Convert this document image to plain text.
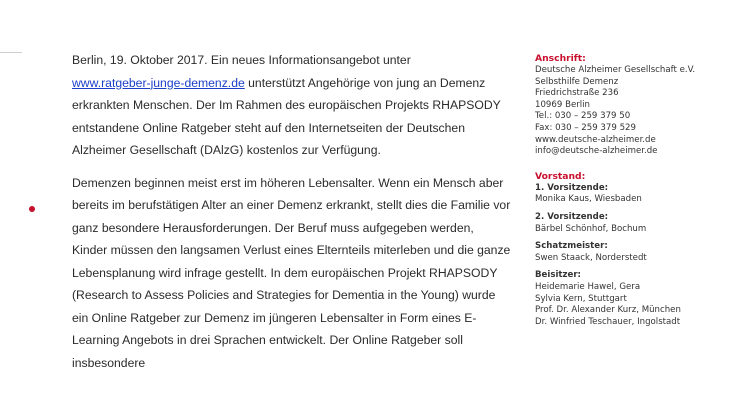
Berlin, 19. Oktober 2017. Ein neues Informationsangebot unter
www.ratgeber-junge-demenz.de unterstützt Angehörige von jung an Demenz erkrankten Menschen. Der Im Rahmen des europäischen Projekts RHAPSODY entstandene Online Ratgeber steht auf den Internetseiten der Deutschen Alzheimer Gesellschaft (DAlzG) kostenlos zur Verfügung.

Demenzen beginnen meist erst im höheren Lebensalter. Wenn ein Mensch aber bereits im berufstätigen Alter an einer Demenz erkrankt, stellt dies die Familie vor ganz besondere Herausforderungen. Der Beruf muss aufgegeben werden, Kinder müssen den langsamen Verlust eines Elternteils miterleben und die ganze Lebensplanung wird infrage gestellt. In dem europäischen Projekt RHAPSODY (Research to Assess Policies and Strategies for Dementia in the Young) wurde ein Online Ratgeber zur Demenz im jüngeren Lebensalter in Form eines E-Learning Angebots in drei Sprachen entwickelt. Der Online Ratgeber soll insbesondere

Anschrift:
Deutsche Alzheimer Gesellschaft e.V.
Selbsthilfe Demenz
Friedrichstraße 236
10969 Berlin
Tel.: 030 – 259 379 50
Fax: 030 – 259 379 529
www.deutsche-alzheimer.de
info@deutsche-alzheimer.de
Vorstand:
1. Vorsitzende:
Monika Kaus, Wiesbaden
2. Vorsitzende:
Bärbel Schönhof, Bochum
Schatzmeister:
Swen Staack, Norderstedt
Beisitzer:
Heidemarie Hawel, Gera
Sylvia Kern, Stuttgart
Prof. Dr. Alexander Kurz, München
Dr. Winfried Teschauer, Ingolstadt
